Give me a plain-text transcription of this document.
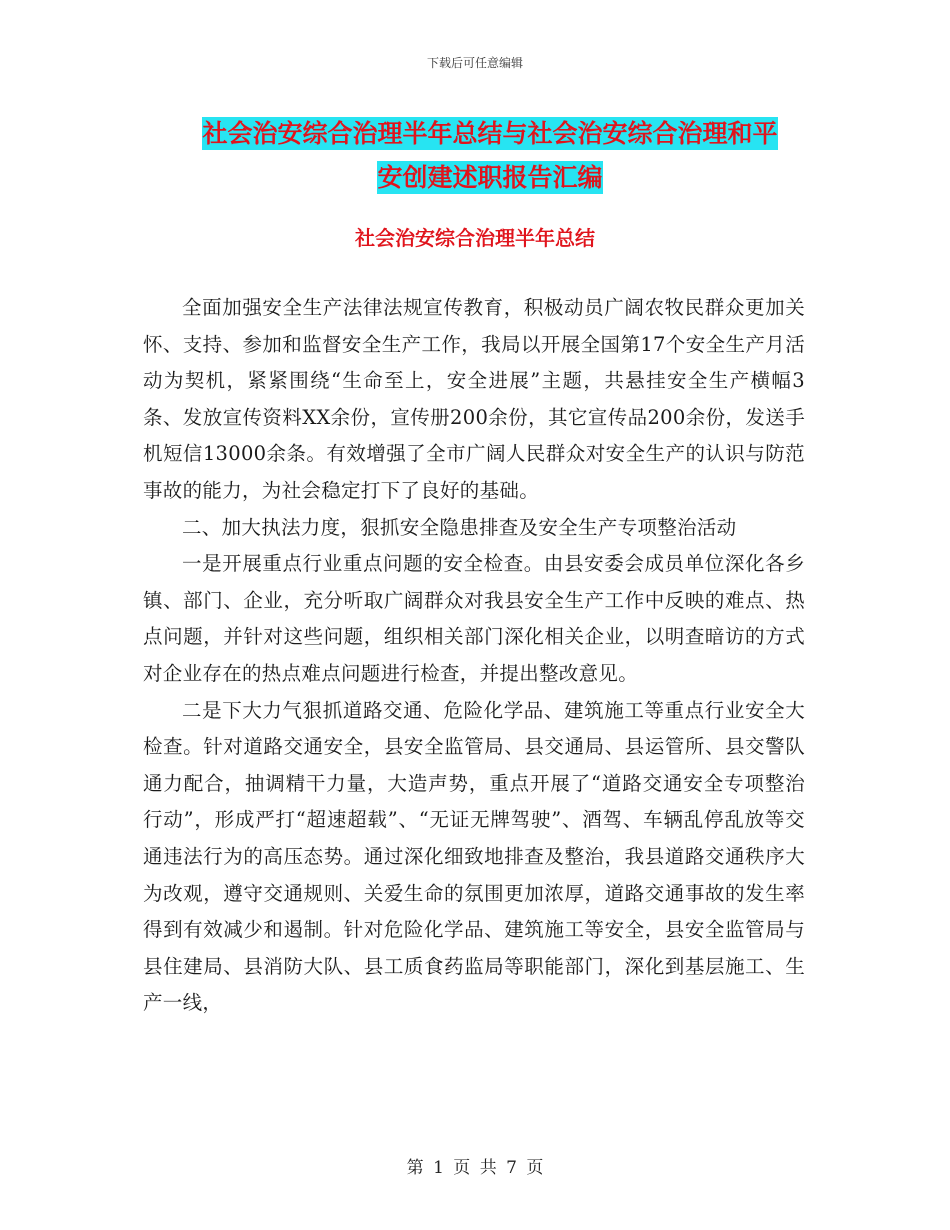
下载后可任意编辑
社会治安综合治理半年总结与社会治安综合治理和平
安创建述职报告汇编
社会治安综合治理半年总结

全面加强安全生产法律法规宣传教育，积极动员广阔农牧民群众更加关怀、支持、参加和监督安全生产工作，我局以开展全国第17个安全生产月活动为契机，紧紧围绕“生命至上，安全进展”主题，共悬挂安全生产横幅3条、发放宣传资料XX余份，宣传册200余份，其它宣传品200余份，发送手机短信13000余条。有效增强了全市广阔人民群众对安全生产的认识与防范事故的能力，为社会稳定打下了良好的基础。

二、加大执法力度，狠抓安全隐患排查及安全生产专项整治活动

一是开展重点行业重点问题的安全检查。由县安委会成员单位深化各乡镇、部门、企业，充分听取广阔群众对我县安全生产工作中反映的难点、热点问题，并针对这些问题，组织相关部门深化相关企业，以明查暗访的方式对企业存在的热点难点问题进行检查，并提出整改意见。

二是下大力气狠抓道路交通、危险化学品、建筑施工等重点行业安全大检查。针对道路交通安全，县安全监管局、县交通局、县运管所、县交警队通力配合，抽调精干力量，大造声势，重点开展了“道路交通安全专项整治行动”，形成严打“超速超载”、“无证无牌驾驶”、酒驾、车辆乱停乱放等交通违法行为的高压态势。通过深化细致地排查及整治，我县道路交通秩序大为改观，遵守交通规则、关爱生命的氛围更加浓厚，道路交通事故的发生率得到有效减少和遏制。针对危险化学品、建筑施工等安全，县安全监管局与县住建局、县消防大队、县工质食药监局等职能部门，深化到基层施工、生产一线，

第 1 页 共 7 页
